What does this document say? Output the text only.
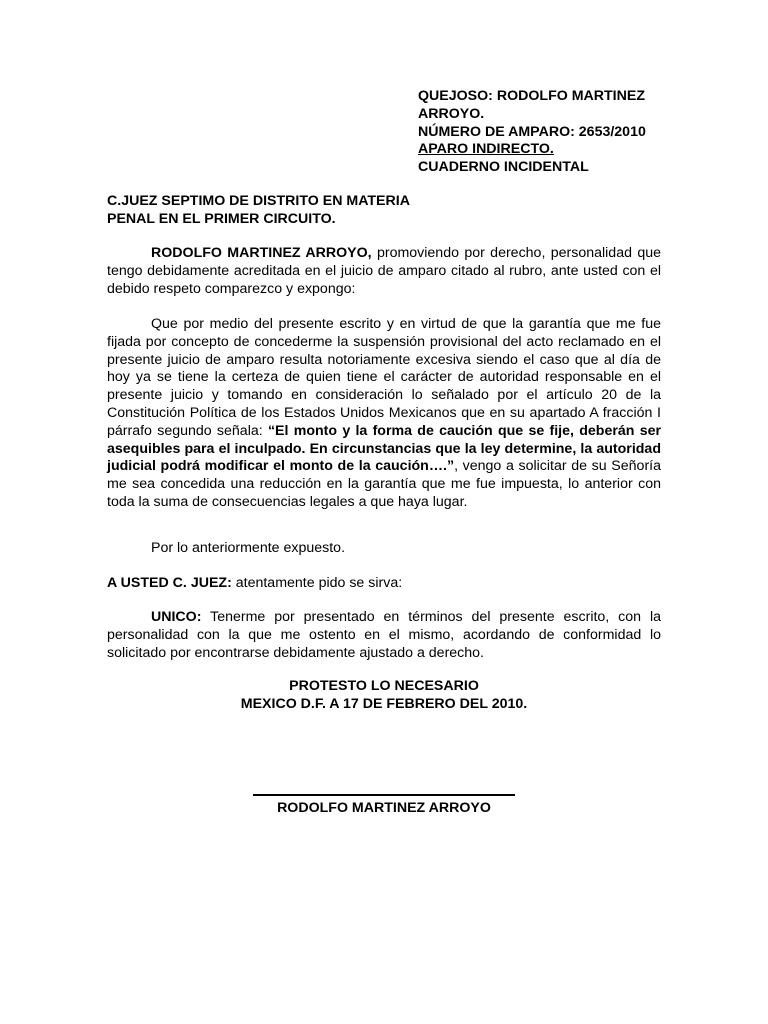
QUEJOSO: RODOLFO MARTINEZ
ARROYO.
NÚMERO DE AMPARO: 2653/2010
APARO INDIRECTO.
CUADERNO INCIDENTAL
C.JUEZ SEPTIMO DE DISTRITO EN MATERIA
PENAL EN EL PRIMER CIRCUITO.
RODOLFO MARTINEZ ARROYO, promoviendo por derecho, personalidad que tengo debidamente acreditada en el juicio de amparo citado al rubro, ante usted con el debido respeto comparezco y expongo:
Que por medio del presente escrito y en virtud de que la garantía que me fue fijada por concepto de concederme la suspensión provisional del acto reclamado en el presente juicio de amparo resulta notoriamente excesiva siendo el caso que al día de hoy ya se tiene la certeza de quien tiene el carácter de autoridad responsable en el presente juicio y tomando en consideración lo señalado por el artículo 20 de la Constitución Política de los Estados Unidos Mexicanos que en su apartado A fracción I párrafo segundo señala: “El monto y la forma de caución que se fije, deberán ser asequibles para el inculpado. En circunstancias que la ley determine, la autoridad judicial podrá modificar el monto de la caución….”, vengo a solicitar de su Señoría me sea concedida una reducción en la garantía que me fue impuesta, lo anterior con toda la suma de consecuencias legales a que haya lugar.
Por lo anteriormente expuesto.
A USTED C. JUEZ: atentamente pido se sirva:
UNICO: Tenerme por presentado en términos del presente escrito, con la personalidad con la que me ostento en el mismo, acordando de conformidad lo solicitado por encontrarse debidamente ajustado a derecho.
PROTESTO LO NECESARIO
MEXICO D.F. A 17 DE FEBRERO DEL 2010.
RODOLFO MARTINEZ ARROYO
